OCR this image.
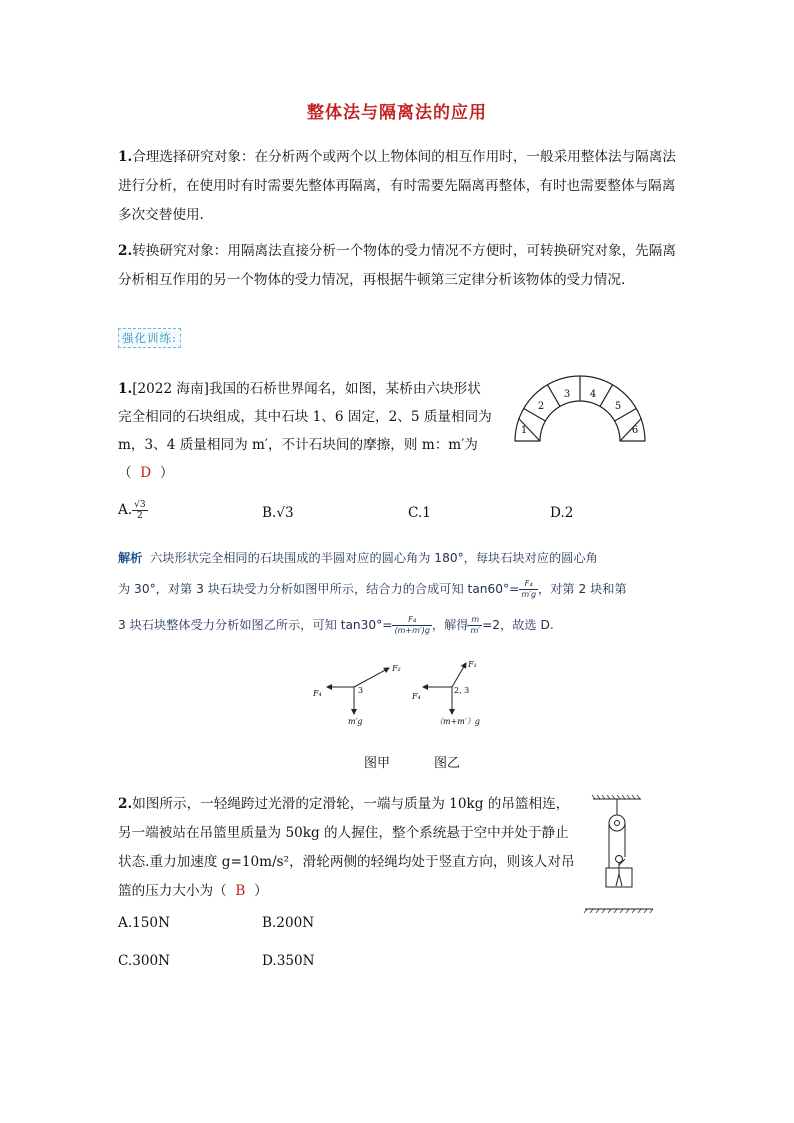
整体法与隔离法的应用
1.合理选择研究对象：在分析两个或两个以上物体间的相互作用时，一般采用整体法与隔离法进行分析，在使用时有时需要先整体再隔离，有时需要先隔离再整体，有时也需要整体与隔离多次交替使用.
2.转换研究对象：用隔离法直接分析一个物体的受力情况不方便时，可转换研究对象，先隔离分析相互作用的另一个物体的受力情况，再根据牛顿第三定律分析该物体的受力情况.
强化训练:
1.[2022 海南]我国的石桥世界闻名，如图，某桥由六块形状完全相同的石块组成，其中石块 1、6 固定，2、5 质量相同为 m，3、4 质量相同为 m′，不计石块间的摩擦，则 m：m′为
（ D ）
1
2
3 4
5
6
A. $\frac{√3}{2}$	B.√3	C.1	D.2
解析 六块形状完全相同的石块围成的半圆对应的圆心角为 180°，每块石块对应的圆心角
为 30°，对第 3 块石块受力分析如图甲所示，结合力的合成可知 $\tan 60^\circ= \frac{\text{F₄}}{m'g}$ ，对第 2 块和第
3 块石块整体受力分析如图乙所示，可知 $\tan 30^\circ= \frac{\text{F₄}}{(m+m')g}$ ，解得 $\frac{m}{m'} =2$，故选 D.
F₂
F₄	3
m′g
F₁
F₄
2, 3
（m+m′）g
图甲	图乙
2.如图所示，一轻绳跨过光滑的定滑轮，一端与质量为 10kg 的吊篮相连，另一端被站在吊篮里质量为 50kg 的人握住，整个系统悬于空中并处于静止状态.重力加速度 g=10m/s²，滑轮两侧的轻绳均处于竖直方向，则该人对吊篮的压力大小为（ B ）
A.150N	B.200N
C.300N	D.350N
